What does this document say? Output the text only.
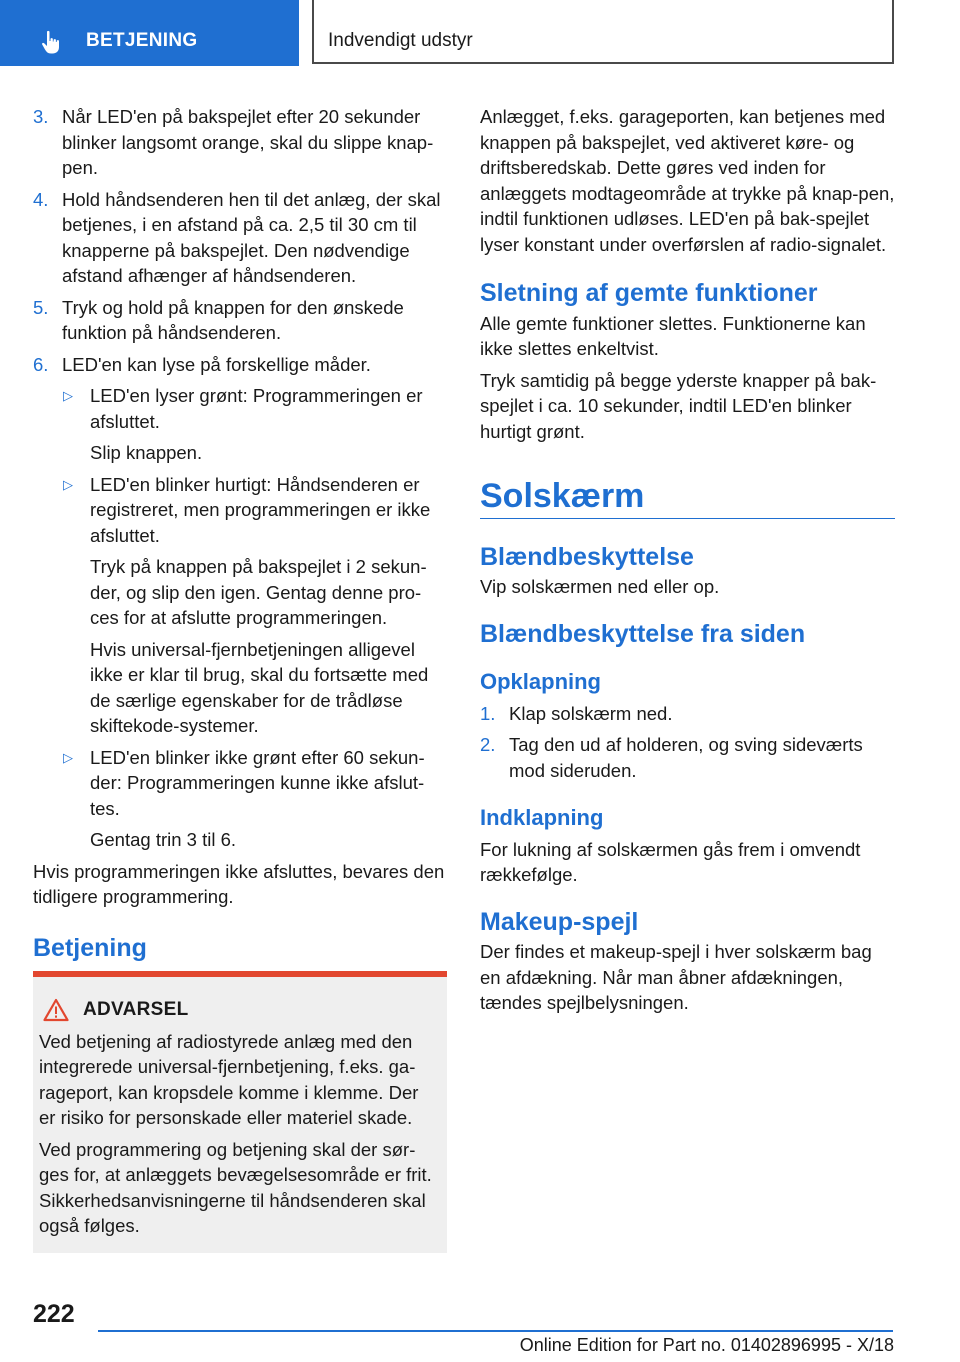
BETJENING	Indvendigt udstyr
3. Når LED'en på bakspejlet efter 20 sekunder blinker langsomt orange, skal du slippe knap-pen.
4. Hold håndsenderen hen til det anlæg, der skal betjenes, i en afstand på ca. 2,5 til 30 cm til knapperne på bakspejlet. Den nødvendige afstand afhænger af håndsenderen.
5. Tryk og hold på knappen for den ønskede funktion på håndsenderen.
6. LED'en kan lyse på forskellige måder.
▷ LED'en lyser grønt: Programmeringen er afsluttet.
Slip knappen.
▷ LED'en blinker hurtigt: Håndsenderen er registreret, men programmeringen er ikke afsluttet.
Tryk på knappen på bakspejlet i 2 sekun-der, og slip den igen. Gentag denne pro-ces for at afslutte programmeringen.
Hvis universal-fjernbetjeningen alligevel ikke er klar til brug, skal du fortsætte med de særlige egenskaber for de trådløse skiftekode-systemer.
▷ LED'en blinker ikke grønt efter 60 sekun-der: Programmeringen kunne ikke afslut-tes.
Gentag trin 3 til 6.

Hvis programmeringen ikke afsluttes, bevares den tidligere programmering.

Betjening
ADVARSEL

Ved betjening af radiostyrede anlæg med den integrerede universal-fjernbetjening, f.eks. ga-rageport, kan kropsdele komme i klemme. Der er risiko for personskade eller materiel skade.

Ved programmering og betjening skal der sør-ges for, at anlæggets bevægelsesområde er frit. Sikkerhedsanvisningerne til håndsenderen skal også følges.

Anlægget, f.eks. garageporten, kan betjenes med knappen på bakspejlet, ved aktiveret køre- og driftsberedskab. Dette gøres ved inden for anlæggets modtageområde at trykke på knap-pen, indtil funktionen udløses. LED'en på bak-spejlet lyser konstant under overførslen af radio-signalet.

Sletning af gemte funktioner

Alle gemte funktioner slettes. Funktionerne kan ikke slettes enkeltvist.

Tryk samtidig på begge yderste knapper på bak-spejlet i ca. 10 sekunder, indtil LED'en blinker hurtigt grønt.

Solskærm
Blændbeskyttelse

Vip solskærmen ned eller op.

Blændbeskyttelse fra siden
Opklapning
1. Klap solskærm ned.
2. Tag den ud af holderen, og sving sideværts mod sideruden.
Indklapning

For lukning af solskærmen gås frem i omvendt rækkefølge.

Makeup-spejl

Der findes et makeup-spejl i hver solskærm bag en afdækning. Når man åbner afdækningen, tændes spejlbelysningen.

222
Online Edition for Part no. 01402896995 - X/18
